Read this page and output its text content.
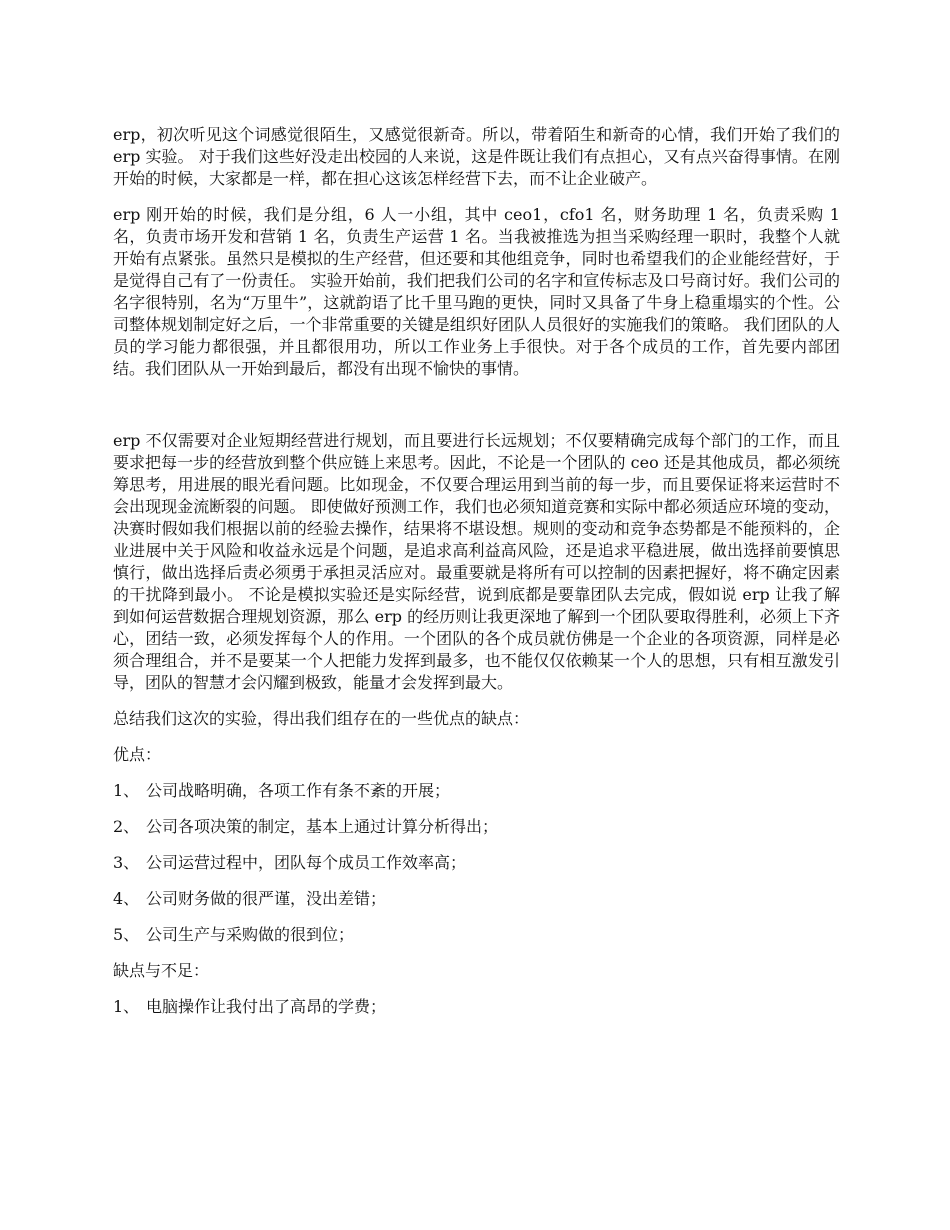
erp，初次听见这个词感觉很陌生，又感觉很新奇。所以，带着陌生和新奇的心情，我们开始了我们的 erp 实验。 对于我们这些好没走出校园的人来说，这是件既让我们有点担心，又有点兴奋得事情。在刚开始的时候，大家都是一样，都在担心这该怎样经营下去，而不让企业破产。

erp 刚开始的时候，我们是分组，6 人一小组，其中 ceo1，cfo1 名，财务助理 1 名，负责采购 1 名，负责市场开发和营销 1 名，负责生产运营 1 名。当我被推选为担当采购经理一职时，我整个人就开始有点紧张。虽然只是模拟的生产经营，但还要和其他组竞争，同时也希望我们的企业能经营好，于是觉得自己有了一份责任。 实验开始前，我们把我们公司的名字和宣传标志及口号商讨好。我们公司的名字很特别，名为“万里牛”，这就韵语了比千里马跑的更快，同时又具备了牛身上稳重塌实的个性。公司整体规划制定好之后，一个非常重要的关键是组织好团队人员很好的实施我们的策略。 我们团队的人员的学习能力都很强，并且都很用功，所以工作业务上手很快。对于各个成员的工作，首先要内部团结。我们团队从一开始到最后，都没有出现不愉快的事情。

erp 不仅需要对企业短期经营进行规划，而且要进行长远规划；不仅要精确完成每个部门的工作，而且要求把每一步的经营放到整个供应链上来思考。因此，不论是一个团队的 ceo 还是其他成员，都必须统筹思考，用进展的眼光看问题。比如现金，不仅要合理运用到当前的每一步，而且要保证将来运营时不会出现现金流断裂的问题。 即使做好预测工作，我们也必须知道竞赛和实际中都必须适应环境的变动，决赛时假如我们根据以前的经验去操作，结果将不堪设想。规则的变动和竞争态势都是不能预料的，企业进展中关于风险和收益永远是个问题，是追求高利益高风险，还是追求平稳进展，做出选择前要慎思慎行，做出选择后责必须勇于承担灵活应对。最重要就是将所有可以控制的因素把握好，将不确定因素的干扰降到最小。 不论是模拟实验还是实际经营，说到底都是要靠团队去完成，假如说 erp 让我了解到如何运营数据合理规划资源，那么 erp 的经历则让我更深地了解到一个团队要取得胜利，必须上下齐心，团结一致，必须发挥每个人的作用。一个团队的各个成员就仿佛是一个企业的各项资源，同样是必须合理组合，并不是要某一个人把能力发挥到最多，也不能仅仅依赖某一个人的思想，只有相互激发引导，团队的智慧才会闪耀到极致，能量才会发挥到最大。

总结我们这次的实验，得出我们组存在的一些优点的缺点：

优点：

1、 公司战略明确，各项工作有条不紊的开展；

2、 公司各项决策的制定，基本上通过计算分析得出；

3、 公司运营过程中，团队每个成员工作效率高；

4、 公司财务做的很严谨，没出差错；

5、 公司生产与采购做的很到位；

缺点与不足：

1、 电脑操作让我付出了高昂的学费；
